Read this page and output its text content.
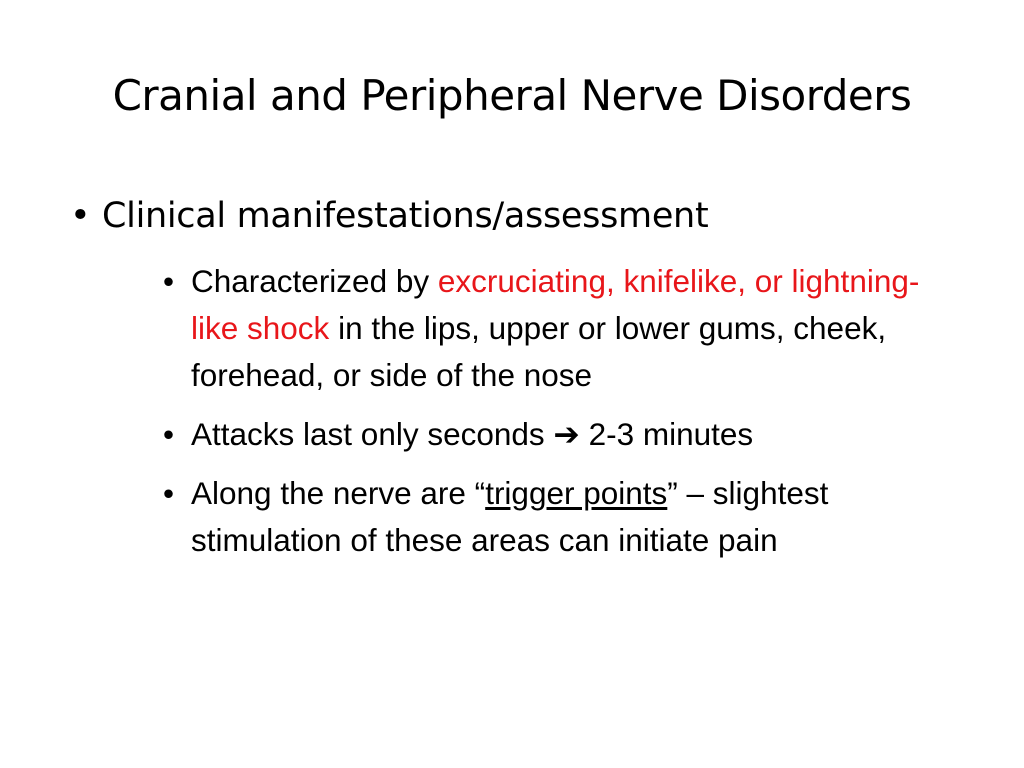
Cranial and Peripheral Nerve Disorders
• Clinical manifestations/assessment
• Characterized by excruciating, knifelike, or lightning-like shock in the lips, upper or lower gums, cheek, forehead, or side of the nose
• Attacks last only seconds ➔ 2-3 minutes
• Along the nerve are “trigger points” – slightest stimulation of these areas can initiate pain
